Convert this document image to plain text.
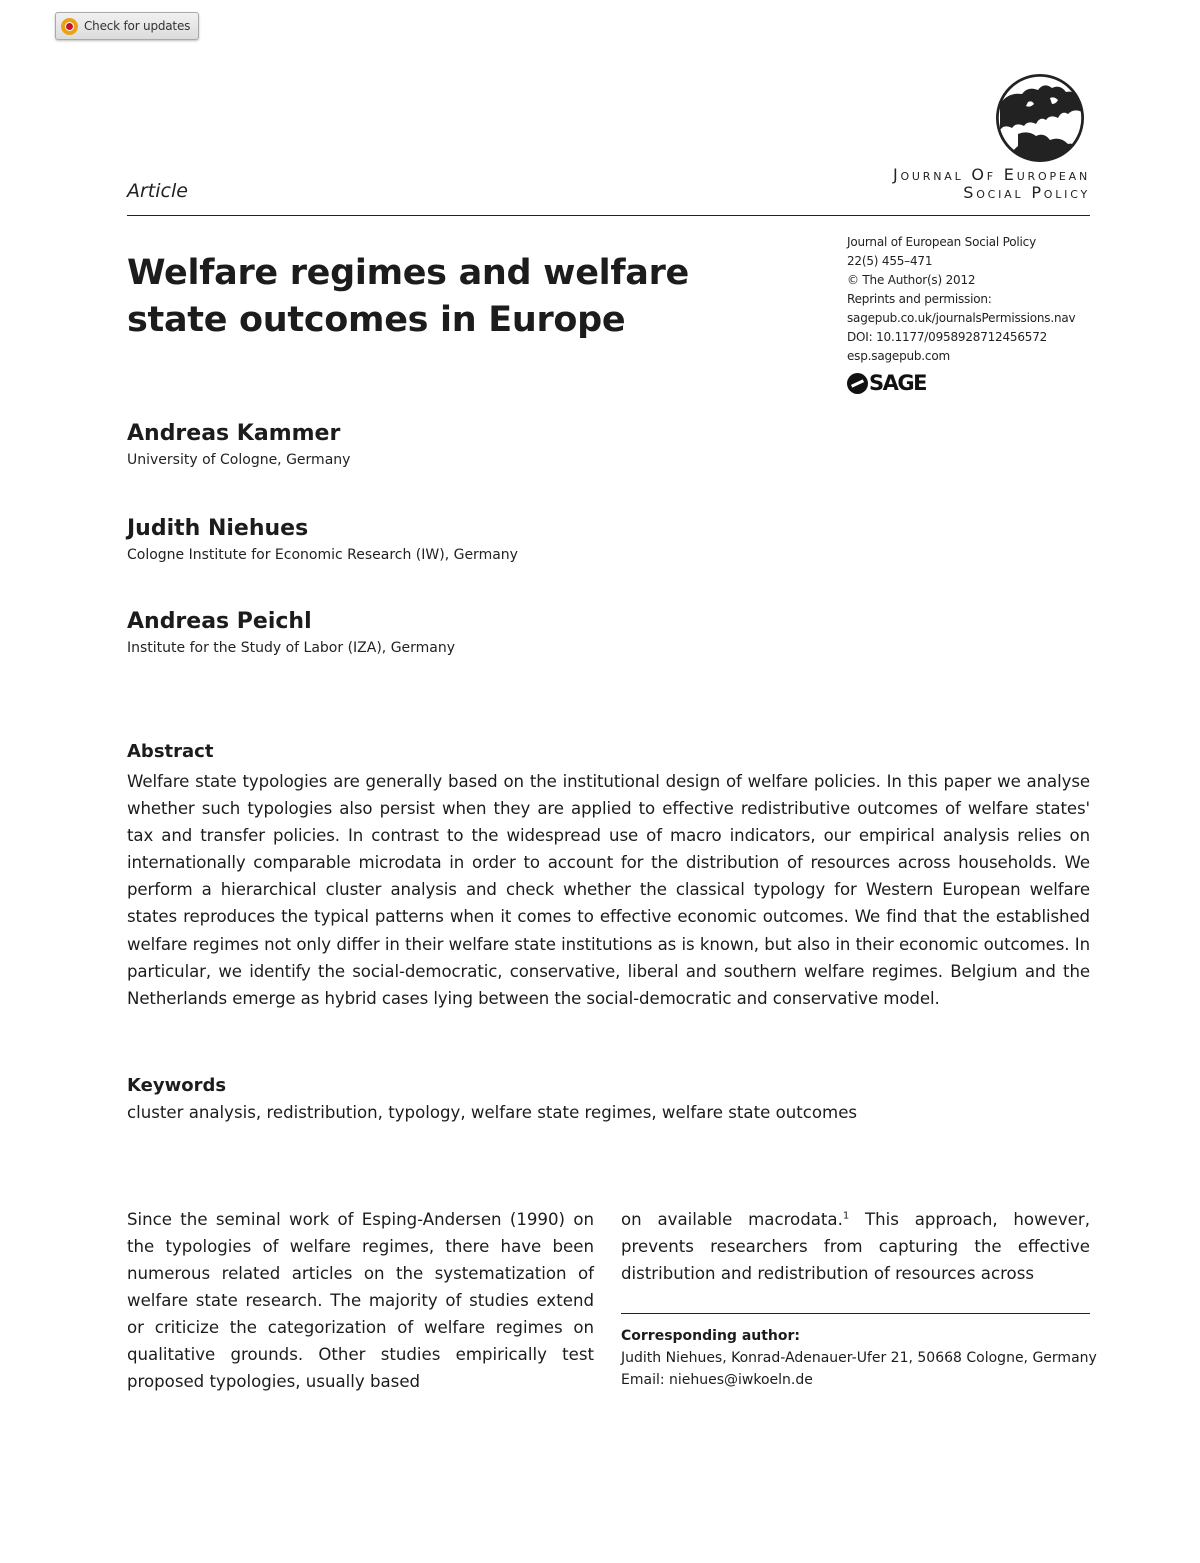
Check for updates
Journal Of European
Social Policy
Article
Welfare regimes and welfare
state outcomes in Europe
Journal of European Social Policy
22(5) 455–471
© The Author(s) 2012
Reprints and permission:
sagepub.co.uk/journalsPermissions.nav
DOI: 10.1177/0958928712456572
esp.sagepub.com
SAGE
Andreas Kammer
University of Cologne, Germany
Judith Niehues
Cologne Institute for Economic Research (IW), Germany
Andreas Peichl
Institute for the Study of Labor (IZA), Germany
Abstract

Welfare state typologies are generally based on the institutional design of welfare policies. In this paper we analyse whether such typologies also persist when they are applied to effective redistributive outcomes of welfare states' tax and transfer policies. In contrast to the widespread use of macro indicators, our empirical analysis relies on internationally comparable microdata in order to account for the distribution of resources across households. We perform a hierarchical cluster analysis and check whether the classical typology for Western European welfare states reproduces the typical patterns when it comes to effective economic outcomes. We find that the established welfare regimes not only differ in their welfare state institutions as is known, but also in their economic outcomes. In particular, we identify the social-democratic, conservative, liberal and southern welfare regimes. Belgium and the Netherlands emerge as hybrid cases lying between the social-democratic and conservative model.

Keywords
cluster analysis, redistribution, typology, welfare state regimes, welfare state outcomes

Since the seminal work of Esping-Andersen (1990) on the typologies of welfare regimes, there have been numerous related articles on the systematization of welfare state research. The majority of studies extend or criticize the categorization of welfare regimes on qualitative grounds. Other studies empirically test proposed typologies, usually based

on available macrodata.$^1$ This approach, however, prevents researchers from capturing the effective distribution and redistribution of resources across

Corresponding author:
Judith Niehues, Konrad-Adenauer-Ufer 21, 50668 Cologne, Germany
Email: niehues@iwkoeln.de
